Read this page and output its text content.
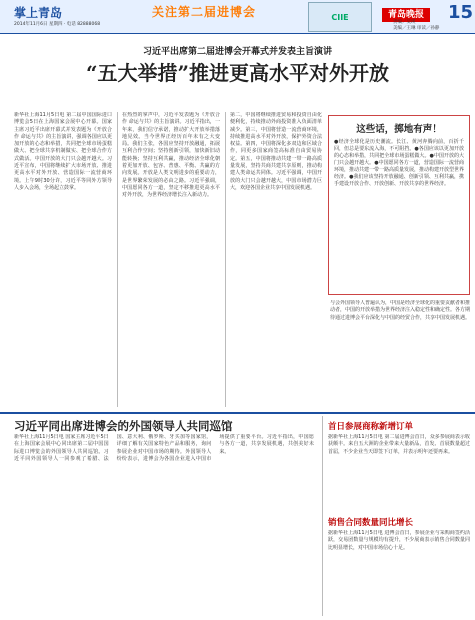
掌上青岛
2014年11月6日 星期四 · 电话 82888068
关注第二届进博会	CIIE	青岛晚报	15
责编／吴瑛
美编／王琳 审读／孙静
习近平出席第二届进博会开幕式并发表主旨演讲
“五大举措”推进更高水平对外开放
新华社上海11月5日电 第二届中国国际进口博览会5日在上海国家会展中心开幕。国家主席习近平出席开幕式并发表题为《开放合作 命运与共》的主旨演讲，强调各国应以更加开放的心态和举措，共同把全球市场蛋糕做大、把全球共享机制做实、把全球合作方式做活。中国开放的大门只会越开越大。习近平宣布，中国将继续扩大市场开放、推进更高水平对外开放、营造国际一流营商环境。上午9时30分许，习近平等同外方领导人步入会场，全场起立鼓掌。
在热烈的掌声中，习近平发表题为《开放合作 命运与共》的主旨演讲。习近平指出，一年来，我们信守承诺，推动扩大开放举措落地见效。当今世界正经历百年未有之大变局。我们主张，各国应坚持开放融通，拓展互利合作空间；坚持创新引领，加快新旧动能转换；坚持互利共赢，推动经济全球化朝着更加开放、包容、普惠、平衡、共赢的方向发展。开放是人类文明进步的重要动力，是世界繁荣发展的必由之路。习近平强调，中国愿同各方一道，坚定不移推进更高水平对外开放，为世界经济增长注入新动力。
第二，中国将继续推进贸易和投资自由化便利化，持续推动外商投资准入负面清单减少。第三，中国将营造一流营商环境，持续推进高水平对外开放，保护外资合法权益。第四，中国将深化多双边和区域合作，同更多国家商签高标准自由贸易协定。第五，中国将推动共建一带一路高质量发展，坚持共商共建共享原则，推动构建人类命运共同体。习近平强调，中国开放的大门只会越开越大，中国市场潜力巨大，欢迎各国企业共享中国发展机遇。
这些话，掷地有声！
●经济全球化是历史潮流。长江、黄河奔腾向前，百折千回，但总是要东流入海，不可阻挡。●各国应该以更加开放的心态和举措，共同把全球市场蛋糕做大。●中国开放的大门只会越开越大。●中国愿同各方一道，营造国际一流营商环境，推动共建一带一路高质量发展，推动构建开放型世界经济。●我们应该坚持开放融通、创新引领、互利共赢，携手建设开放合作、开放创新、开放共享的世界经济。
与会外国领导人普遍认为，中国是经济全球化的重要贡献者和推动者，中国的开放举措为世界经济注入稳定性和确定性。各方期待通过进博会平台深化与中国的经贸合作，共享中国发展机遇。
习近平同出席进博会的外国领导人共同巡馆
新华社上海11月5日电 国家主席习近平5日在上海国家会展中心同出席第二届中国国际进口博览会的外国领导人共同巡馆。习近平同外国领导人一同参观了希腊、法国、意大利、俄罗斯、牙买加等国家馆，详细了解有关国家特色产品和服务，询问参展企业对中国市场的期待。外国领导人纷纷表示，进博会为各国企业进入中国市场提供了重要平台。习近平指出，中国愿与各方一道，共享发展机遇，共创美好未来。
首日参展商称新增订单
据新华社上海11月5日电 第二届进博会首日，众多参展商表示收获颇丰。来自五大洲的企业带来大量新品，首发、首展数量超过首届，不少企业当天即签下订单，并表示明年还要再来。
销售合同数量同比增长
据新华社上海11月5日电 进博会首日，参展企业与采购商签约活跃，交易团数量与规模均有提升，不少展商表示销售合同数量同比明显增长，对中国市场信心十足。
